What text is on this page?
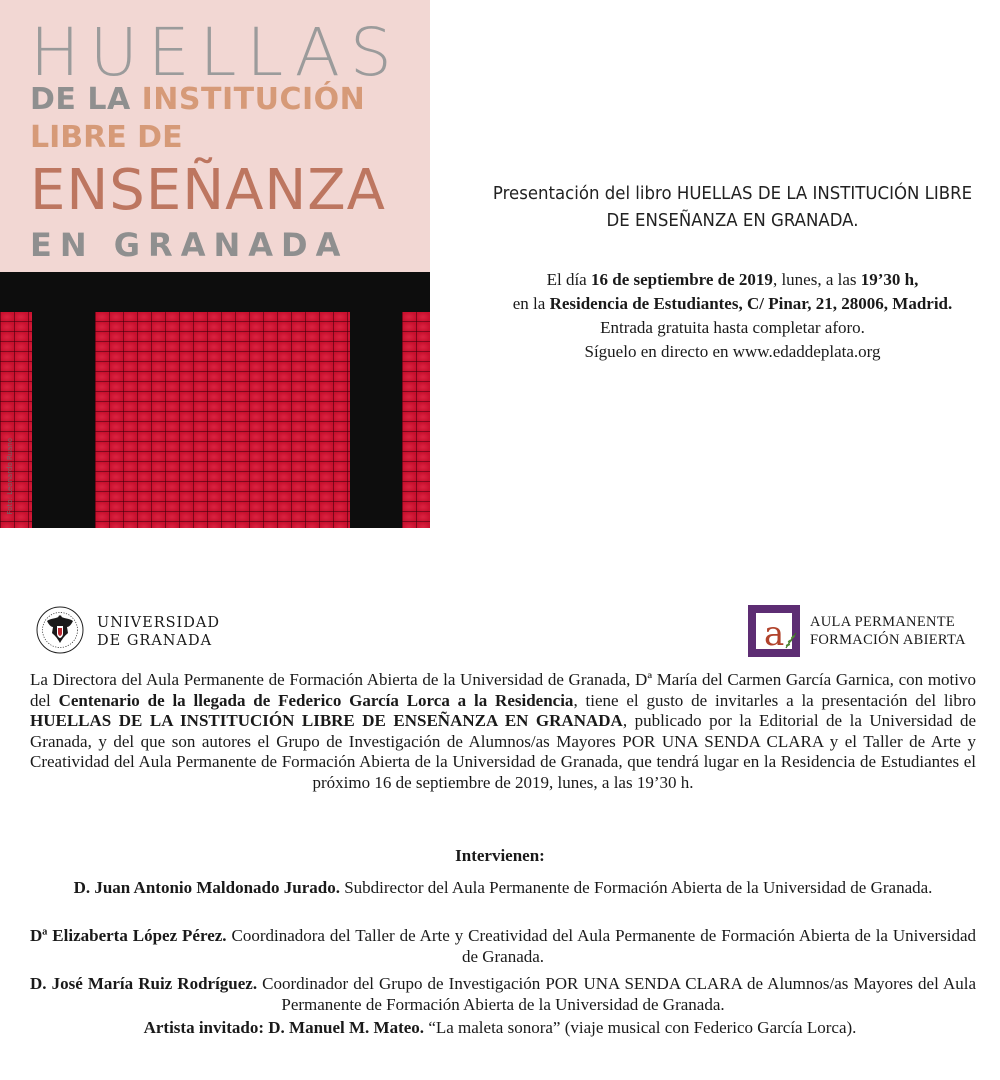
HUELLAS

DE LA INSTITUCIÓN

LIBRE DE

ENSEÑANZA

EN GRANADA

Foto: Leonardo Ruano
Presentación del libro HUELLAS DE LA INSTITUCIÓN LIBRE
DE ENSEÑANZA EN GRANADA.

El día 16 de septiembre de 2019, lunes, a las 19’30 h,

en la Residencia de Estudiantes, C/ Pinar, 21, 28006, Madrid.

Entrada gratuita hasta completar aforo.

Síguelo en directo en www.edaddeplata.org

UNIVERSIDAD
DE GRANADA	a AULA PERMANENTE
FORMACIÓN ABIERTA

La Directora del Aula Permanente de Formación Abierta de la Universidad de Granada, Dª María del Carmen García Garnica, con motivo del Centenario de la llegada de Federico García Lorca a la Residencia, tiene el gusto de invitarles a la presentación del libro HUELLAS DE LA INSTITUCIÓN LIBRE DE ENSEÑANZA EN GRANADA, publicado por la Editorial de la Universidad de Granada, y del que son autores el Grupo de Investigación de Alumnos/as Mayores POR UNA SENDA CLARA y el Taller de Arte y Creatividad del Aula Permanente de Formación Abierta de la Universidad de Granada, que tendrá lugar en la Residencia de Estudiantes el próximo 16 de septiembre de 2019, lunes, a las 19’30 h.

Intervienen:

D. Juan Antonio Maldonado Jurado. Subdirector del Aula Permanente de Formación Abierta de la Universidad de Granada.

Dª Elizaberta López Pérez. Coordinadora del Taller de Arte y Creatividad del Aula Permanente de Formación Abierta de la Universidad de Granada.

D. José María Ruiz Rodríguez. Coordinador del Grupo de Investigación POR UNA SENDA CLARA de Alumnos/as Mayores del Aula Permanente de Formación Abierta de la Universidad de Granada.

Artista invitado: D. Manuel M. Mateo. “La maleta sonora” (viaje musical con Federico García Lorca).
